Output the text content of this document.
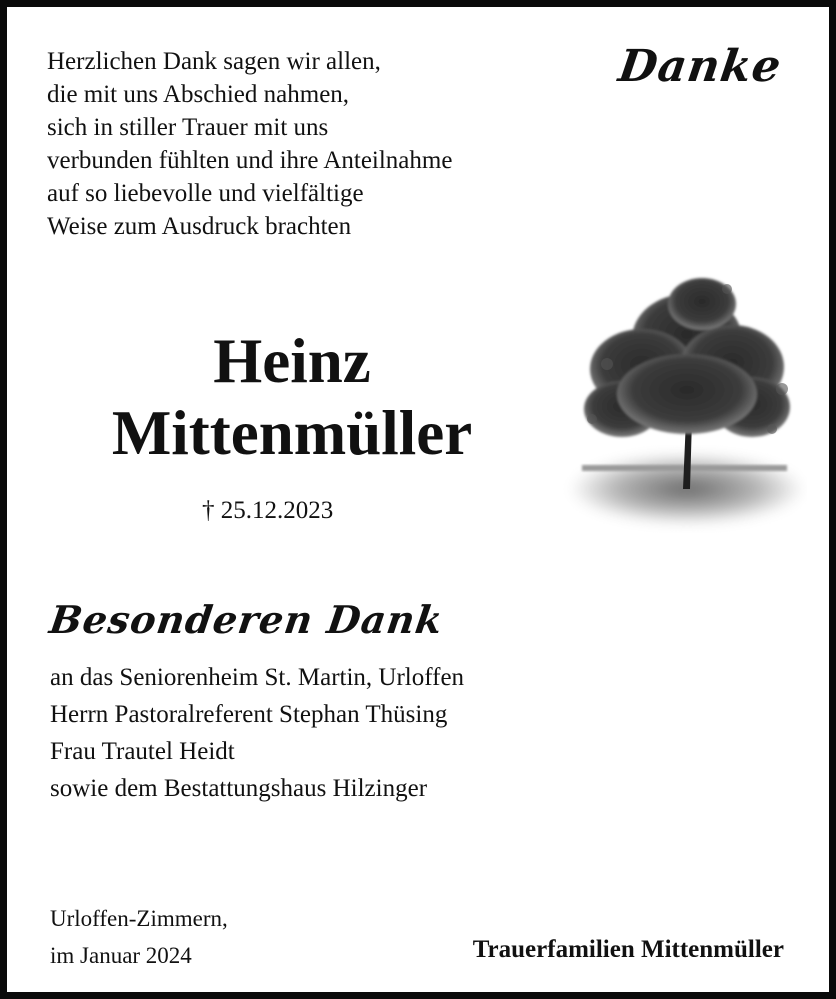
Herzlichen Dank sagen wir allen,
die mit uns Abschied nahmen,
sich in stiller Trauer mit uns
verbunden fühlten und ihre Anteilnahme
auf so liebevolle und vielfältige
Weise zum Ausdruck brachten
Danke
Heinz
Mittenmüller
† 25.12.2023
Besonderen Dank
an das Seniorenheim St. Martin, Urloffen
Herrn Pastoralreferent Stephan Thüsing
Frau Trautel Heidt
sowie dem Bestattungshaus Hilzinger
Urloffen-Zimmern,
im Januar 2024	Trauerfamilien Mittenmüller
